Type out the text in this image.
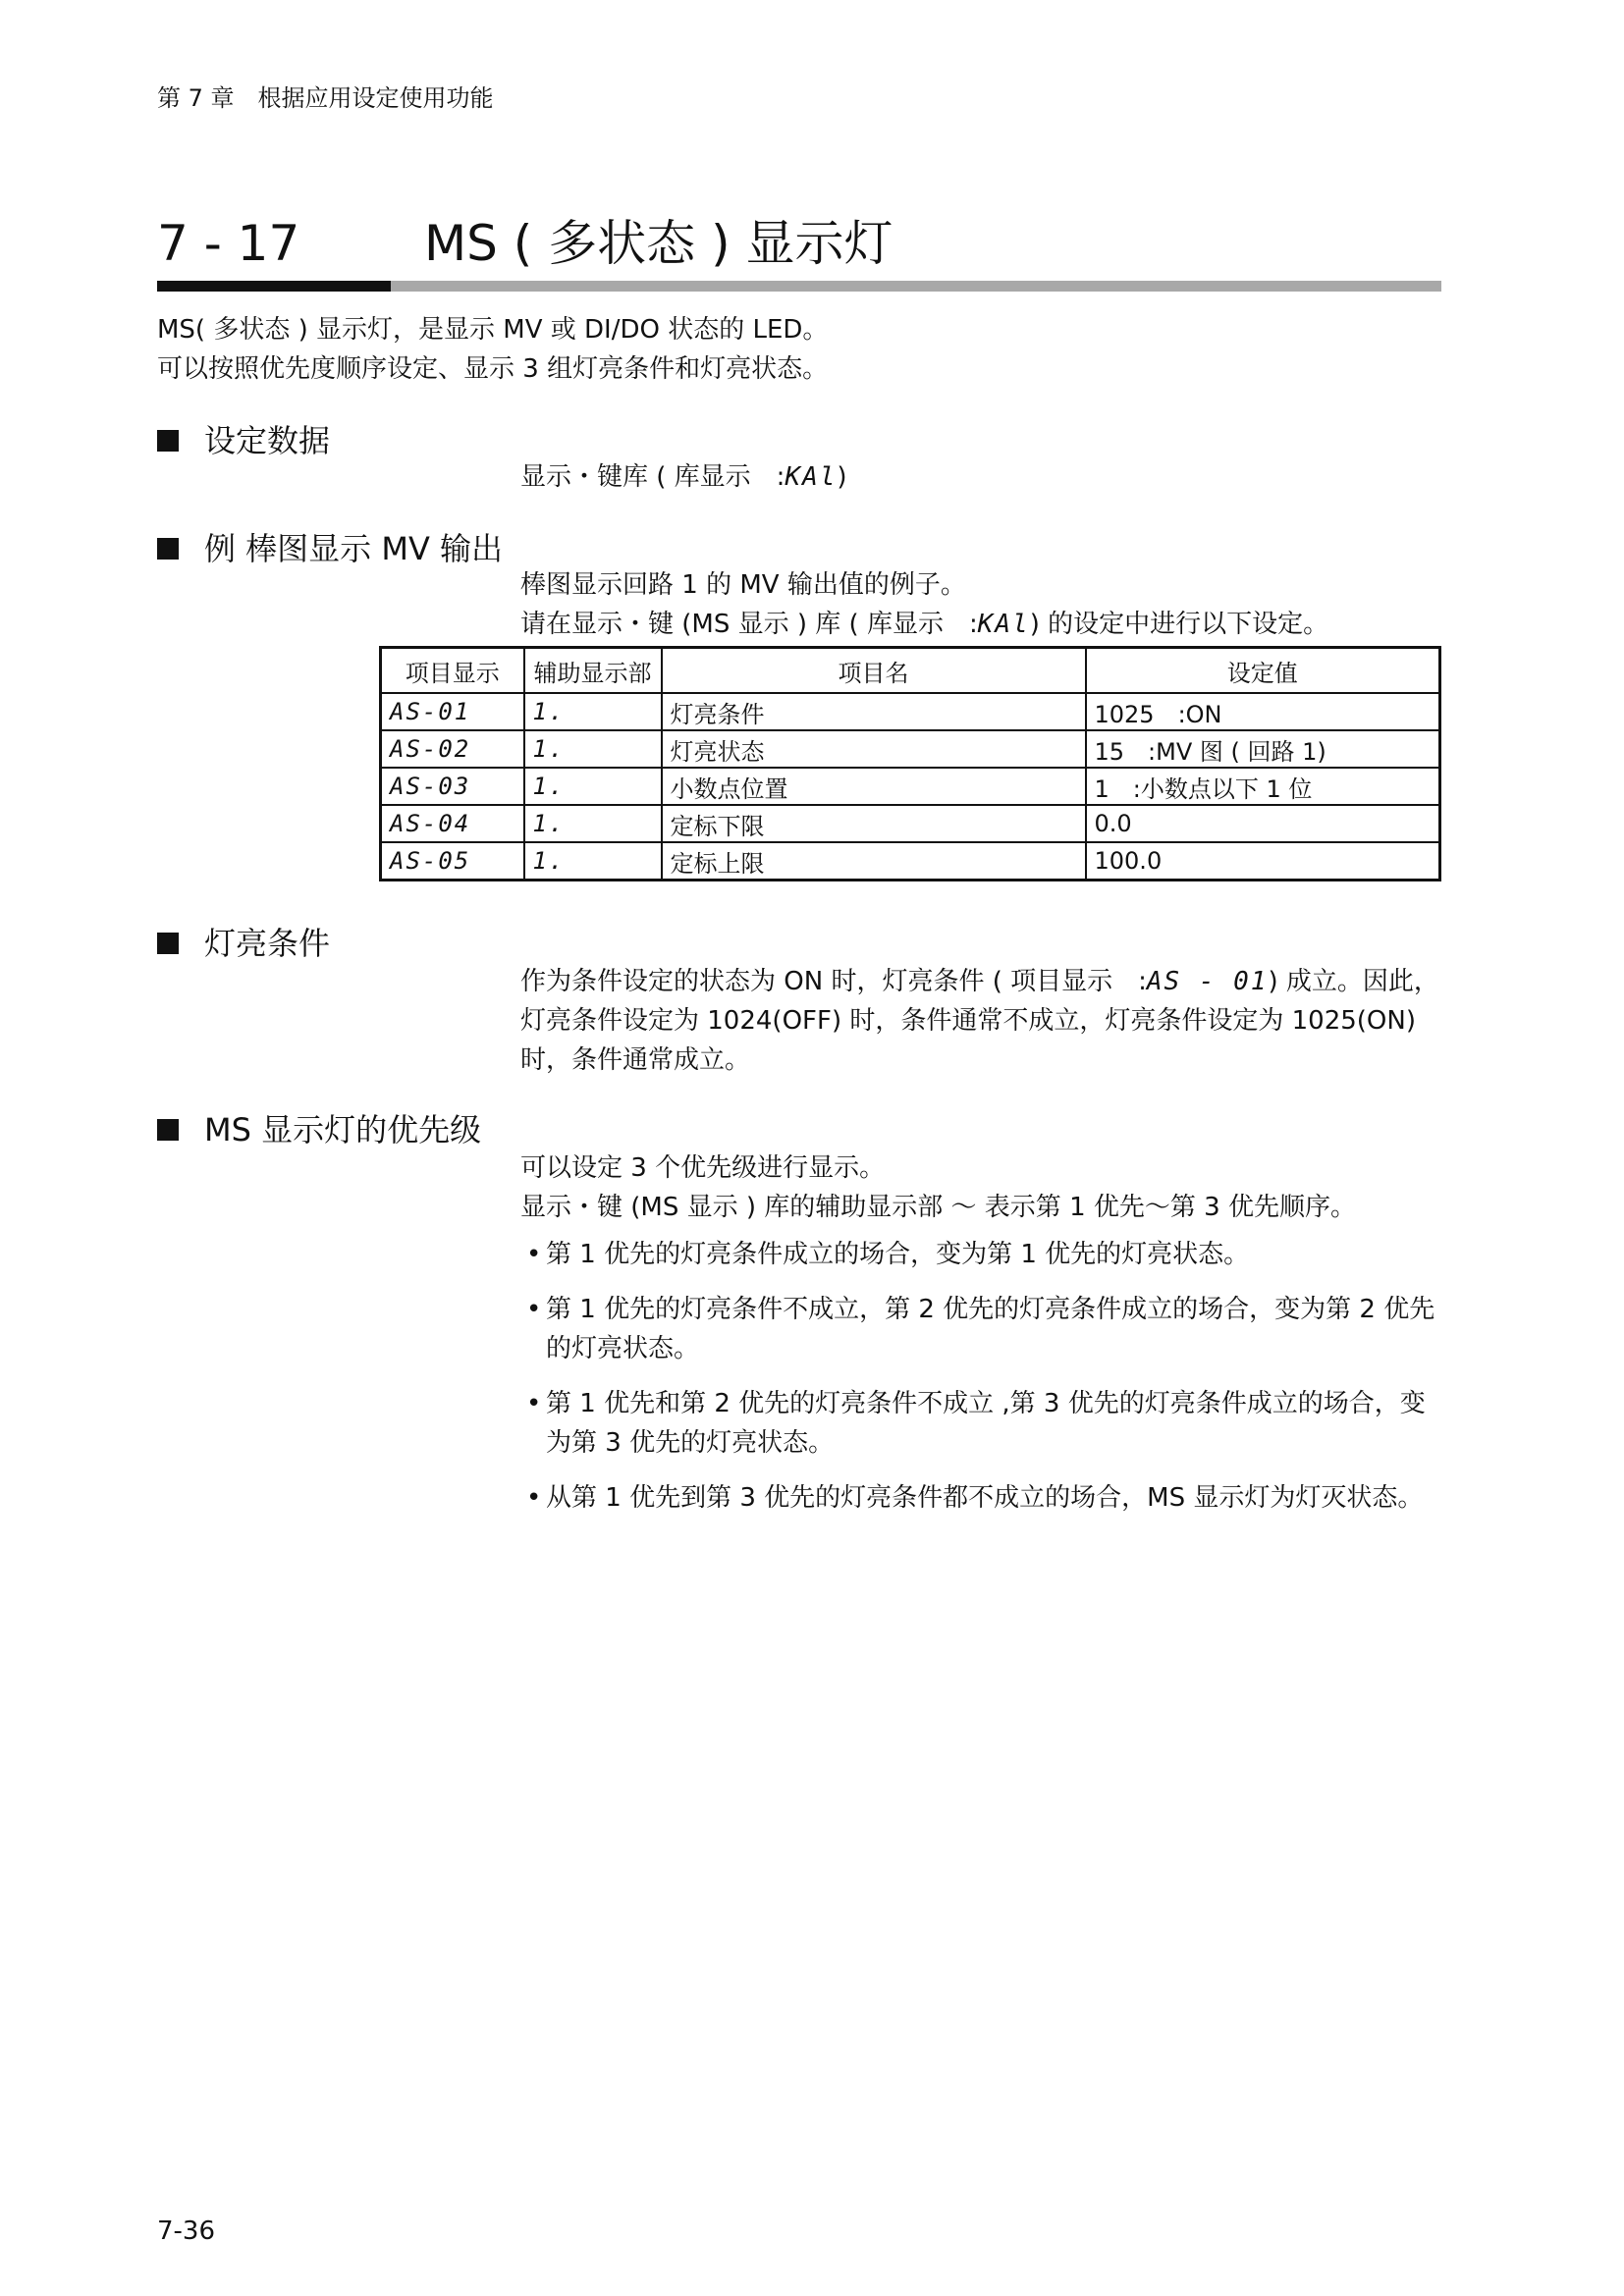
第 7 章　根据应用设定使用功能
7 - 17	MS ( 多状态 ) 显示灯
MS( 多状态 ) 显示灯，是显示 MV 或 DI/DO 状态的 LED。
可以按照优先度顺序设定、显示 3 组灯亮条件和灯亮状态。
设定数据
显示・键库 ( 库显示　:KAl)
例 棒图显示 MV 输出

棒图显示回路 1 的 MV 输出值的例子。

请在显示・键 (MS 显示 ) 库 ( 库显示　:KAl) 的设定中进行以下设定。

项目显示	辅助显示部	项目名	设定值
AS-01	1.	灯亮条件	1025　:ON
AS-02	1.	灯亮状态	15　:MV 图 ( 回路 1)
AS-03	1.	小数点位置	1　:小数点以下 1 位
AS-04	1.	定标下限	0.0
AS-05	1.	定标上限	100.0
灯亮条件
作为条件设定的状态为 ON 时，灯亮条件 ( 项目显示　:AS - 01) 成立。因此，灯亮条件设定为 1024(OFF) 时，条件通常不成立，灯亮条件设定为 1025(ON) 时，条件通常成立。
MS 显示灯的优先级

可以设定 3 个优先级进行显示。

显示・键 (MS 显示 ) 库的辅助显示部 ～ 表示第 1 优先～第 3 优先顺序。

• 第 1 优先的灯亮条件成立的场合，变为第 1 优先的灯亮状态。
• 第 1 优先的灯亮条件不成立，第 2 优先的灯亮条件成立的场合，变为第 2 优先的灯亮状态。
• 第 1 优先和第 2 优先的灯亮条件不成立 ,第 3 优先的灯亮条件成立的场合，变为第 3 优先的灯亮状态。
• 从第 1 优先到第 3 优先的灯亮条件都不成立的场合，MS 显示灯为灯灭状态。
7-36
